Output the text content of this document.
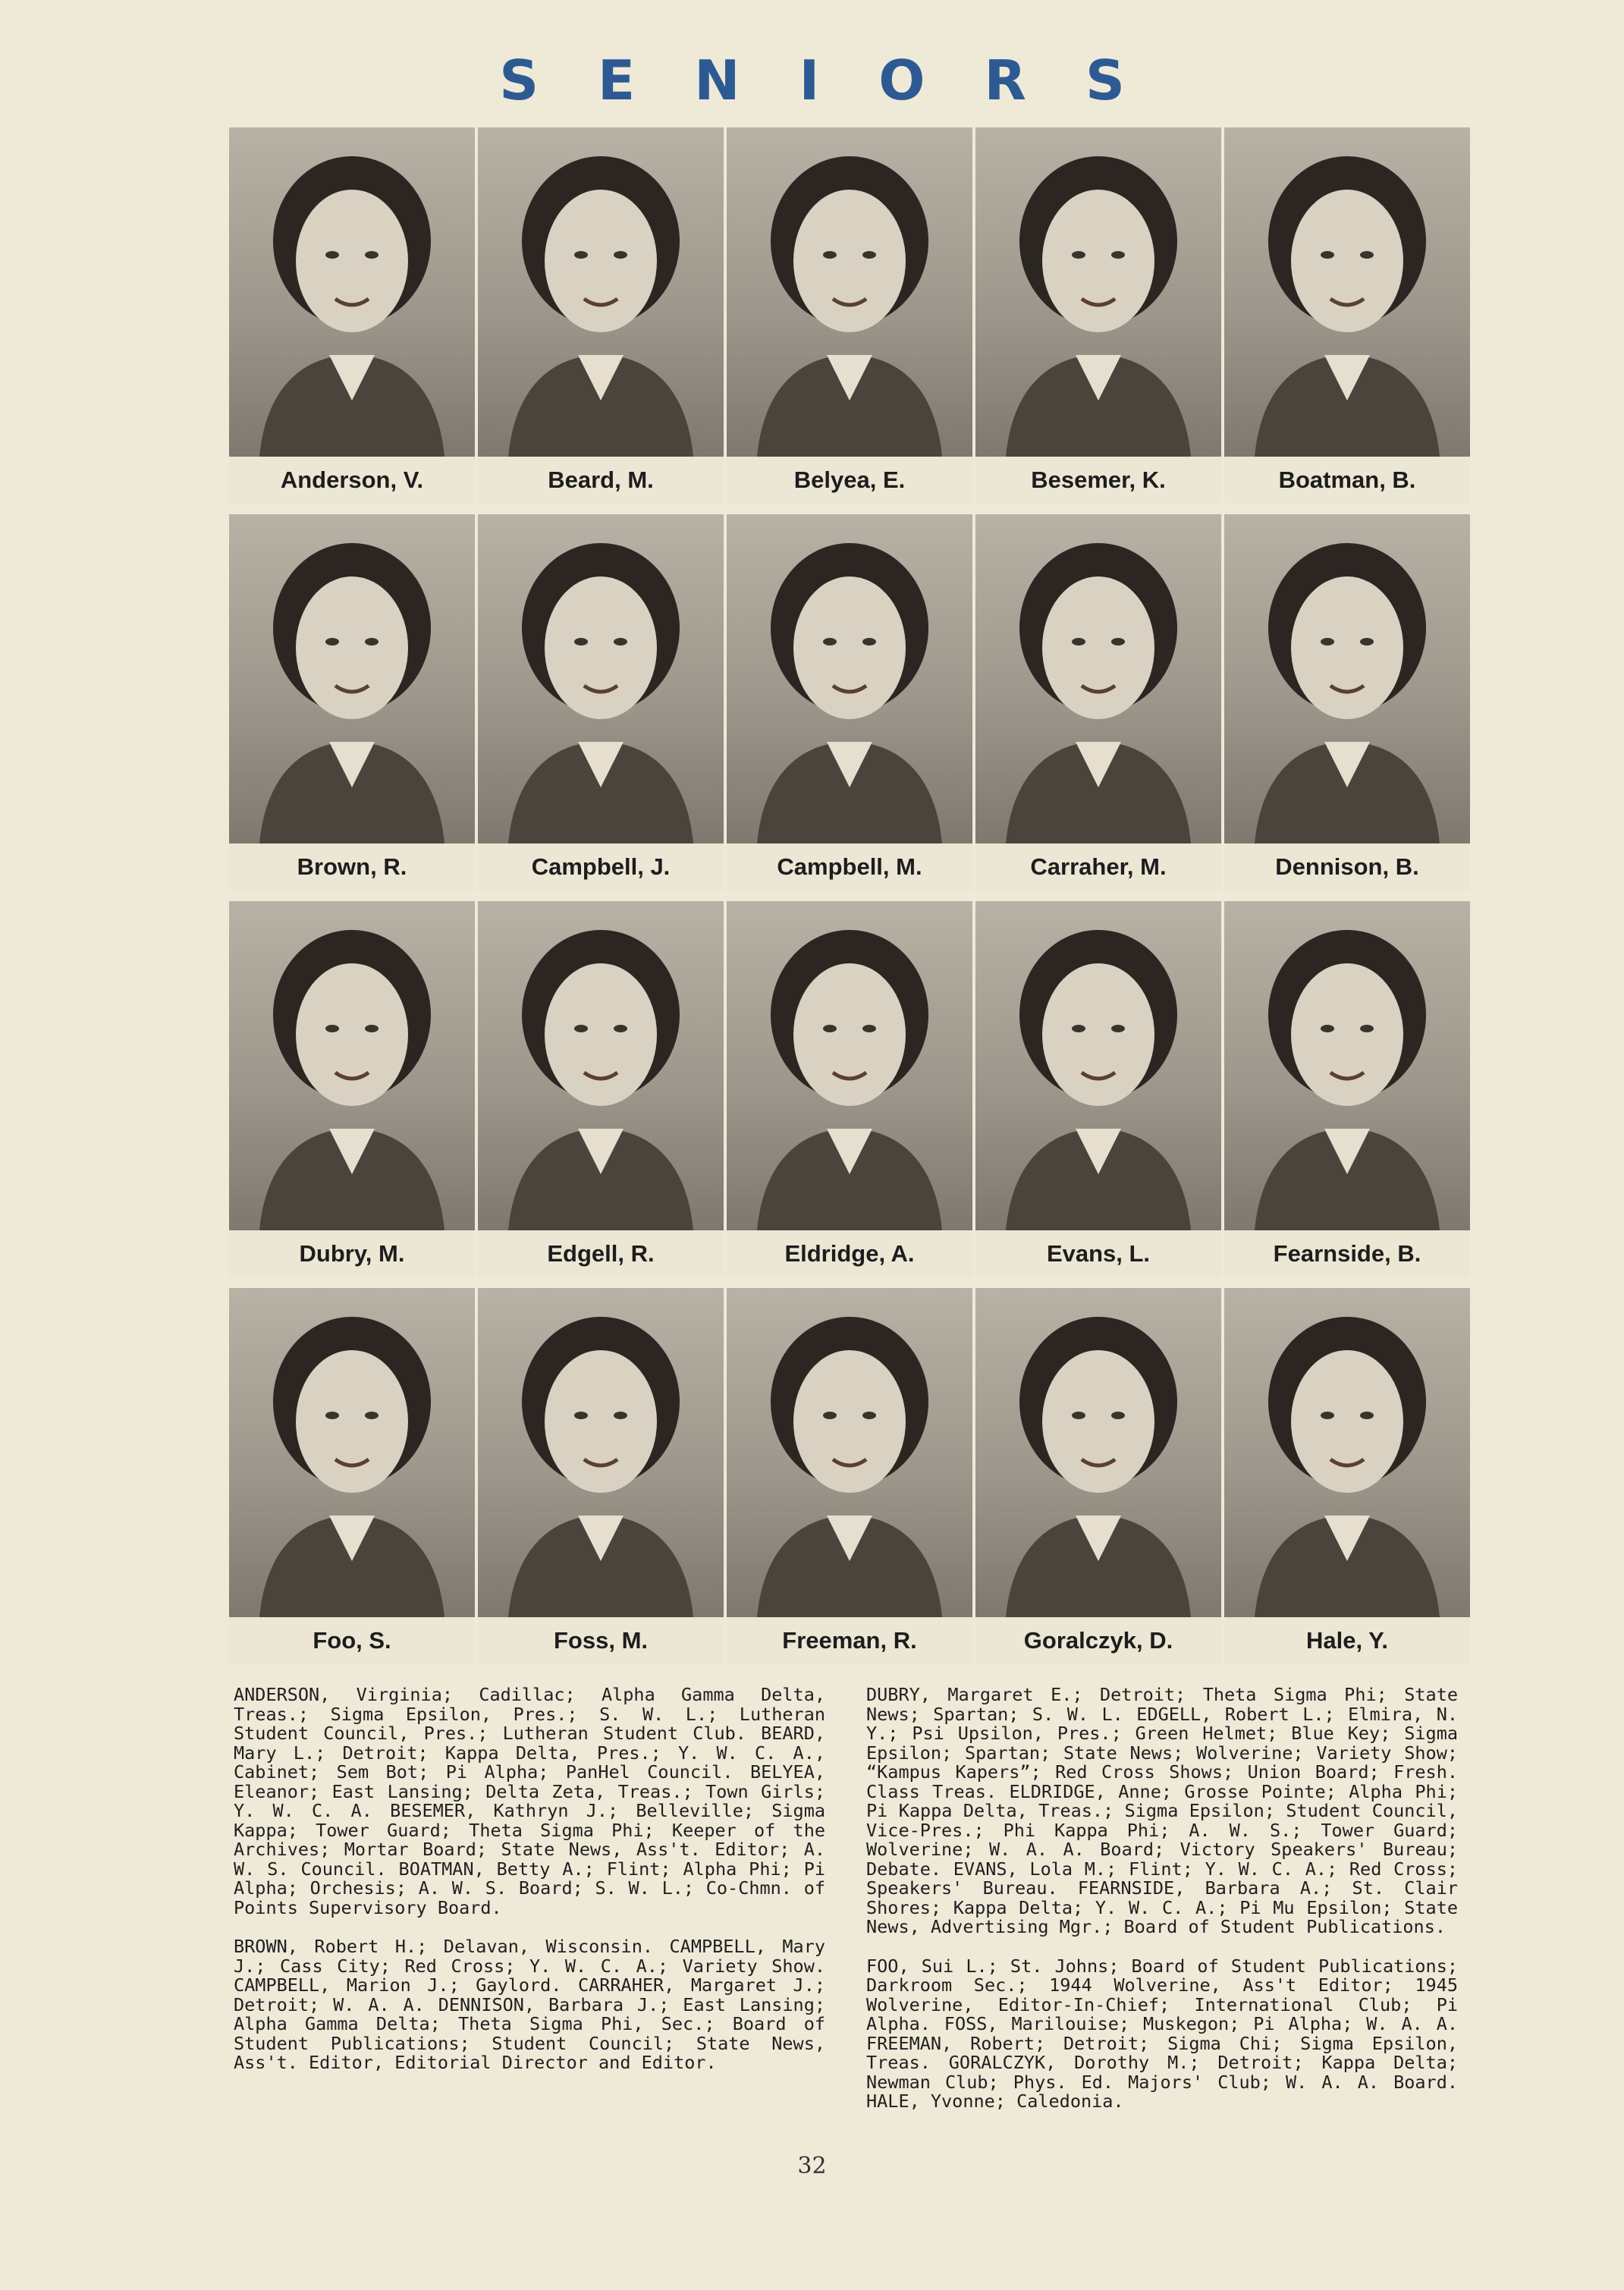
SENIORS
Anderson, V.	Beard, M.	Belyea, E.	Besemer, K.	Boatman, B.
Brown, R.	Campbell, J.	Campbell, M.	Carraher, M.	Dennison, B.
Dubry, M.	Edgell, R.	Eldridge, A.	Evans, L.	Fearnside, B.
Foo, S.	Foss, M.	Freeman, R.	Goralczyk, D.	Hale, Y.

ANDERSON, Virginia; Cadillac; Alpha Gamma Delta, Treas.; Sigma Epsilon, Pres.; S. W. L.; Lutheran Student Council, Pres.; Lutheran Student Club. BEARD, Mary L.; Detroit; Kappa Delta, Pres.; Y. W. C. A., Cabinet; Sem Bot; Pi Alpha; PanHel Council. BELYEA, Eleanor; East Lansing; Delta Zeta, Treas.; Town Girls; Y. W. C. A. BESEMER, Kathryn J.; Belleville; Sigma Kappa; Tower Guard; Theta Sigma Phi; Keeper of the Archives; Mortar Board; State News, Ass't. Editor; A. W. S. Council. BOATMAN, Betty A.; Flint; Alpha Phi; Pi Alpha; Orchesis; A. W. S. Board; S. W. L.; Co-Chmn. of Points Supervisory Board.

BROWN, Robert H.; Delavan, Wisconsin. CAMPBELL, Mary J.; Cass City; Red Cross; Y. W. C. A.; Variety Show. CAMPBELL, Marion J.; Gaylord. CARRAHER, Margaret J.; Detroit; W. A. A. DENNISON, Barbara J.; East Lansing; Alpha Gamma Delta; Theta Sigma Phi, Sec.; Board of Student Publications; Student Council; State News, Ass't. Editor, Editorial Director and Editor.

DUBRY, Margaret E.; Detroit; Theta Sigma Phi; State News; Spartan; S. W. L. EDGELL, Robert L.; Elmira, N. Y.; Psi Upsilon, Pres.; Green Helmet; Blue Key; Sigma Epsilon; Spartan; State News; Wolverine; Variety Show; “Kampus Kapers”; Red Cross Shows; Union Board; Fresh. Class Treas. ELDRIDGE, Anne; Grosse Pointe; Alpha Phi; Pi Kappa Delta, Treas.; Sigma Epsilon; Student Council, Vice-Pres.; Phi Kappa Phi; A. W. S.; Tower Guard; Wolverine; W. A. A. Board; Victory Speakers' Bureau; Debate. EVANS, Lola M.; Flint; Y. W. C. A.; Red Cross; Speakers' Bureau. FEARNSIDE, Barbara A.; St. Clair Shores; Kappa Delta; Y. W. C. A.; Pi Mu Epsilon; State News, Advertising Mgr.; Board of Student Publications.

FOO, Sui L.; St. Johns; Board of Student Publications; Darkroom Sec.; 1944 Wolverine, Ass't Editor; 1945 Wolverine, Editor-In-Chief; International Club; Pi Alpha. FOSS, Marilouise; Muskegon; Pi Alpha; W. A. A. FREEMAN, Robert; Detroit; Sigma Chi; Sigma Epsilon, Treas. GORALCZYK, Dorothy M.; Detroit; Kappa Delta; Newman Club; Phys. Ed. Majors' Club; W. A. A. Board. HALE, Yvonne; Caledonia.

32
